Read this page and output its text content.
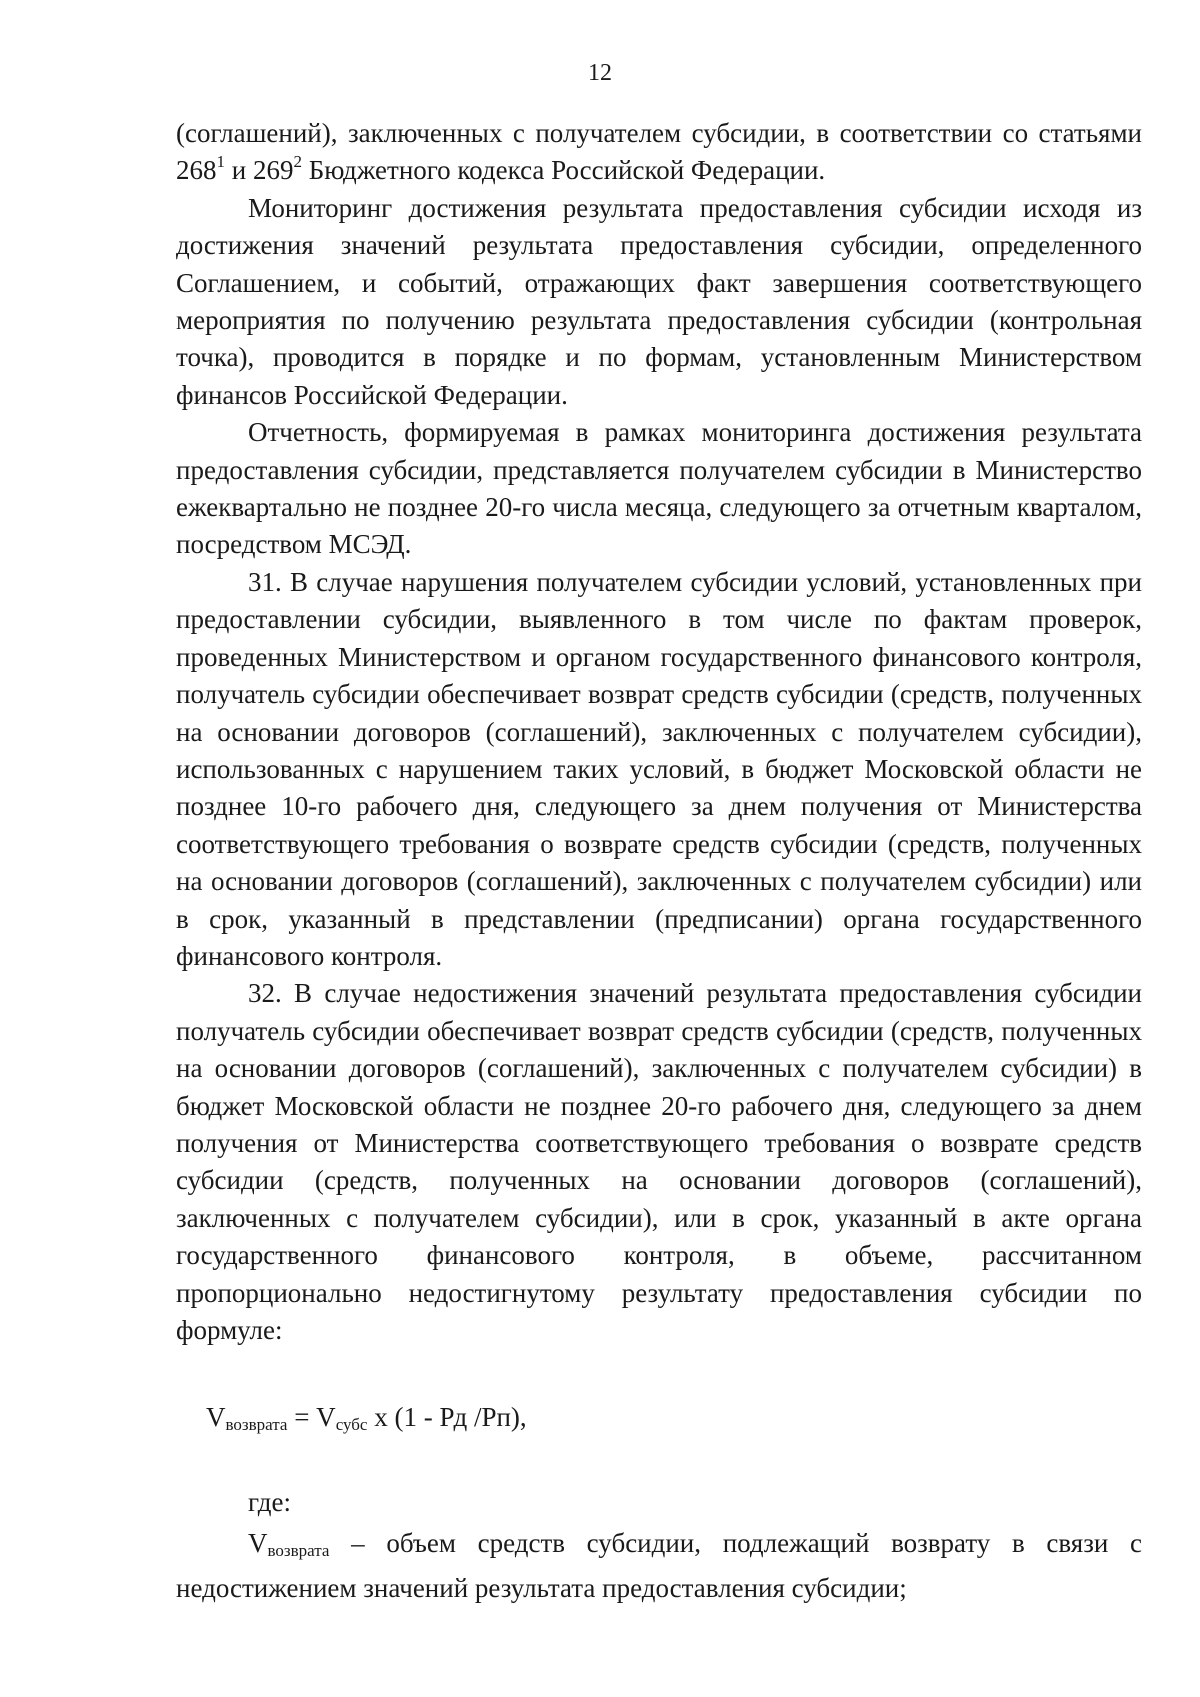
12

(соглашений), заключенных с получателем субсидии, в соответствии со статьями $268^1$ и $269^2$ Бюджетного кодекса Российской Федерации.

Мониторинг достижения результата предоставления субсидии исходя из достижения значений результата предоставления субсидии, определенного Соглашением, и событий, отражающих факт завершения соответствующего мероприятия по получению результата предоставления субсидии (контрольная точка), проводится в порядке и по формам, установленным Министерством финансов Российской Федерации.

Отчетность, формируемая в рамках мониторинга достижения результата предоставления субсидии, представляется получателем субсидии в Министерство ежеквартально не позднее 20-го числа месяца, следующего за отчетным кварталом, посредством МСЭД.

31. В случае нарушения получателем субсидии условий, установленных при предоставлении субсидии, выявленного в том числе по фактам проверок, проведенных Министерством и органом государственного финансового контроля, получатель субсидии обеспечивает возврат средств субсидии (средств, полученных на основании договоров (соглашений), заключенных с получателем субсидии), использованных с нарушением таких условий, в бюджет Московской области не позднее 10-го рабочего дня, следующего за днем получения от Министерства соответствующего требования о возврате средств субсидии (средств, полученных на основании договоров (соглашений), заключенных с получателем субсидии) или в срок, указанный в представлении (предписании) органа государственного финансового контроля.

32. В случае недостижения значений результата предоставления субсидии получатель субсидии обеспечивает возврат средств субсидии (средств, полученных на основании договоров (соглашений), заключенных с получателем субсидии) в бюджет Московской области не позднее 20-го рабочего дня, следующего за днем получения от Министерства соответствующего требования о возврате средств субсидии (средств, полученных на основании договоров (соглашений), заключенных с получателем субсидии), или в срок, указанный в акте органа государственного финансового контроля, в объеме, рассчитанном пропорционально недостигнутому результату предоставления субсидии по формуле:

$V_{возврата} = V_{субс}$ x (1 - Рд /Рп),

где:

$V_{возврата}$ – объем средств субсидии, подлежащий возврату в связи с недостижением значений результата предоставления субсидии;
